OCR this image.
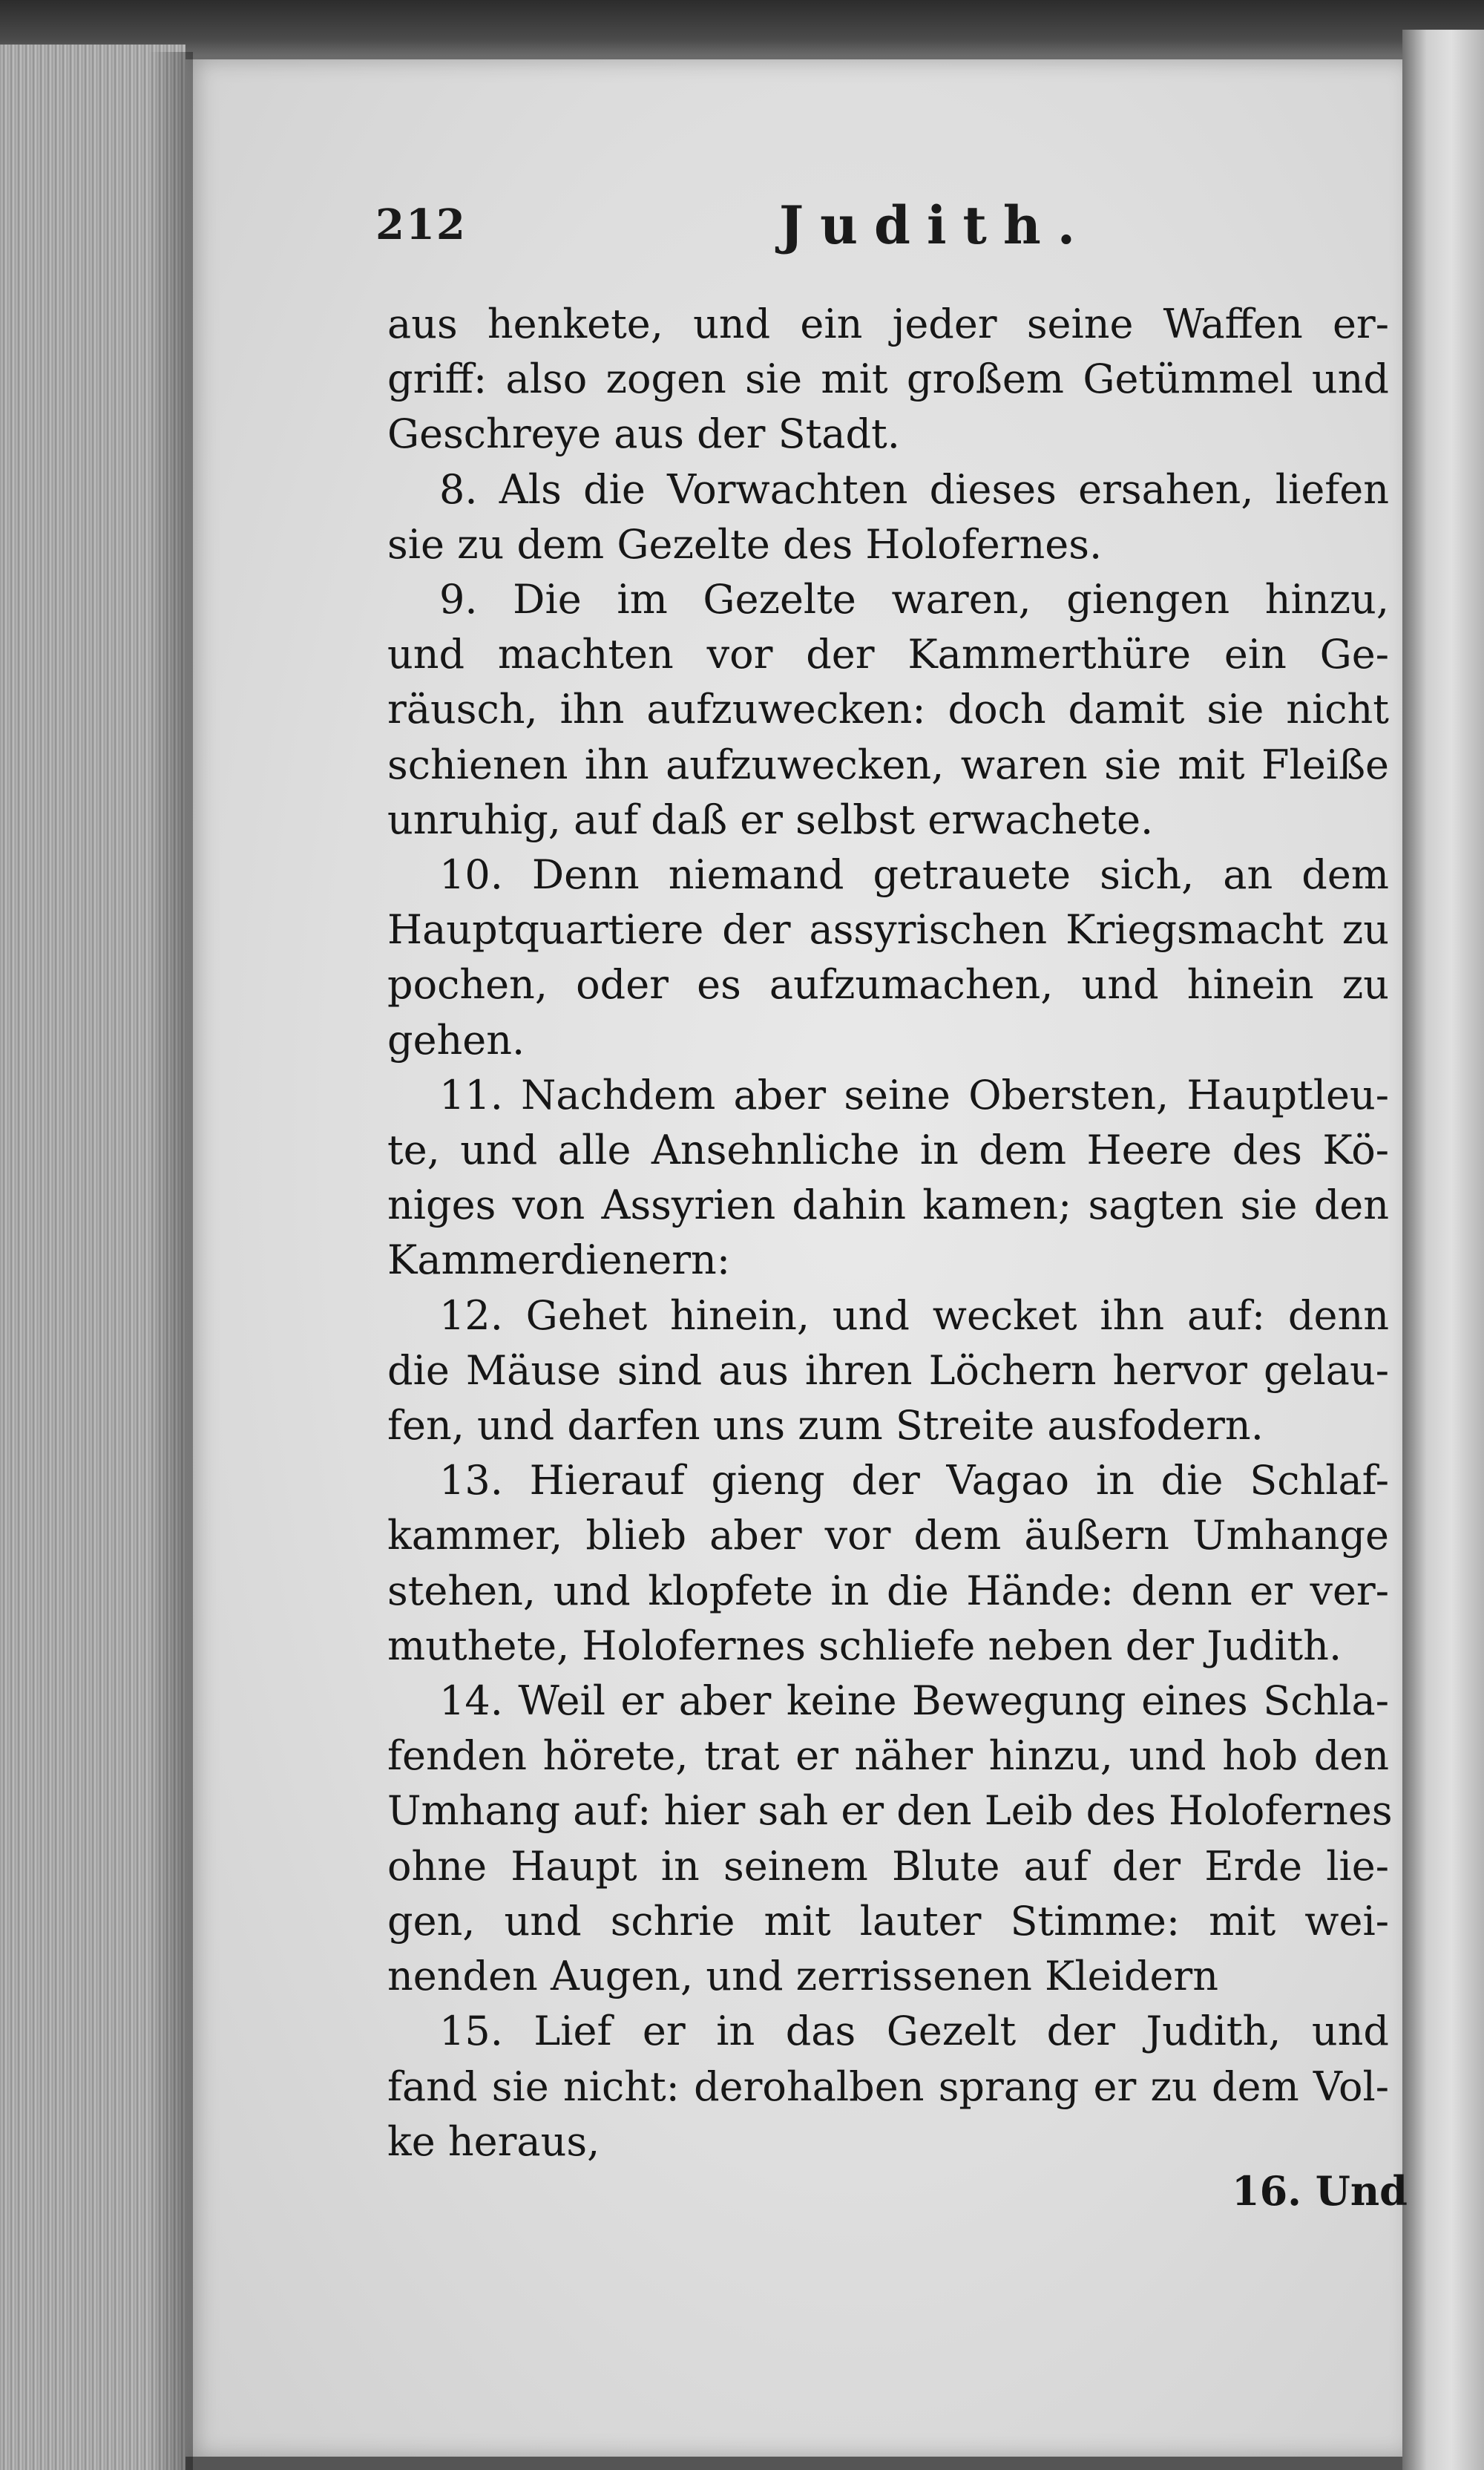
212	Judith.
aus henkete, und ein jeder seine Waffen er-
griff: also zogen sie mit großem Getümmel und
Geschreye aus der Stadt.
8. Als die Vorwachten dieses ersahen, liefen
sie zu dem Gezelte des Holofernes.
9. Die im Gezelte waren, giengen hinzu,
und machten vor der Kammerthüre ein Ge-
räusch, ihn aufzuwecken: doch damit sie nicht
schienen ihn aufzuwecken, waren sie mit Fleiße
unruhig, auf daß er selbst erwachete.
10. Denn niemand getrauete sich, an dem
Hauptquartiere der assyrischen Kriegsmacht zu
pochen, oder es aufzumachen, und hinein zu
gehen.
11. Nachdem aber seine Obersten, Hauptleu-
te, und alle Ansehnliche in dem Heere des Kö-
niges von Assyrien dahin kamen; sagten sie den
Kammerdienern:
12. Gehet hinein, und wecket ihn auf: denn
die Mäuse sind aus ihren Löchern hervor gelau-
fen, und darfen uns zum Streite ausfodern.
13. Hierauf gieng der Vagao in die Schlaf-
kammer, blieb aber vor dem äußern Umhange
stehen, und klopfete in die Hände: denn er ver-
muthete, Holofernes schliefe neben der Judith.
14. Weil er aber keine Bewegung eines Schla-
fenden hörete, trat er näher hinzu, und hob den
Umhang auf: hier sah er den Leib des Holofernes
ohne Haupt in seinem Blute auf der Erde lie-
gen, und schrie mit lauter Stimme: mit wei-
nenden Augen, und zerrissenen Kleidern
15. Lief er in das Gezelt der Judith, und
fand sie nicht: derohalben sprang er zu dem Vol-
ke heraus,
16. Und
